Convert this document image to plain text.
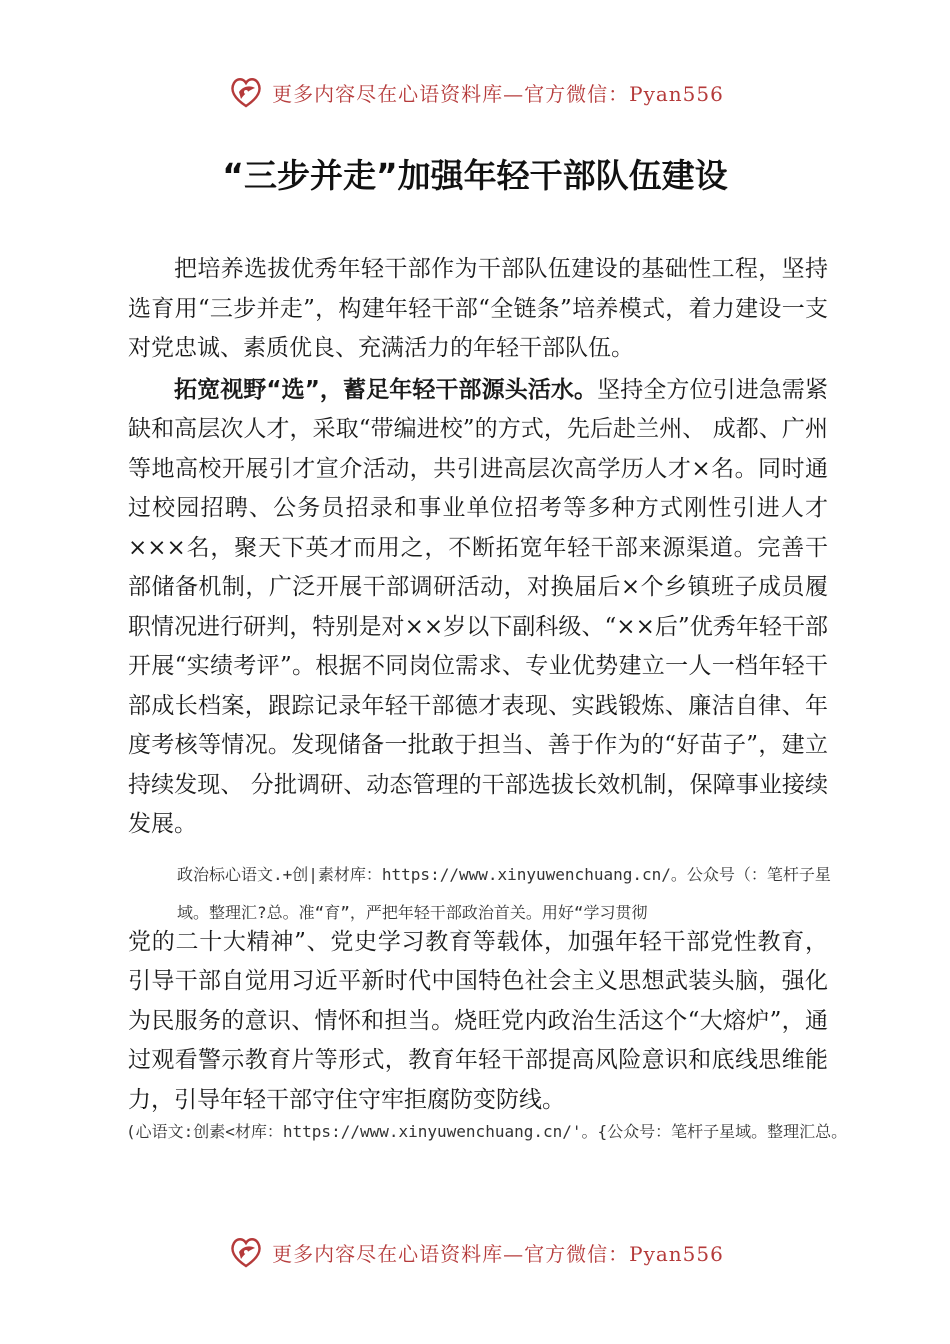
更多内容尽在心语资料库—官方微信：Pyan556
“三步并走”加强年轻干部队伍建设

把培养选拔优秀年轻干部作为干部队伍建设的基础性工程，坚持选育用“三步并走”，构建年轻干部“全链条”培养模式，着力建设一支对党忠诚、素质优良、充满活力的年轻干部队伍。

拓宽视野“选”，蓄足年轻干部源头活水。坚持全方位引进急需紧缺和高层次人才，采取“带编进校”的方式，先后赴兰州、 成都、广州等地高校开展引才宣介活动，共引进高层次高学历人才×名。同时通过校园招聘、公务员招录和事业单位招考等多种方式刚性引进人才×××名，聚天下英才而用之，不断拓宽年轻干部来源渠道。完善干部储备机制，广泛开展干部调研活动，对换届后×个乡镇班子成员履职情况进行研判，特别是对××岁以下副科级、“××后”优秀年轻干部开展“实绩考评”。根据不同岗位需求、专业优势建立一人一档年轻干部成长档案，跟踪记录年轻干部德才表现、实践锻炼、廉洁自律、年度考核等情况。发现储备一批敢于担当、善于作为的“好苗子”，建立持续发现、 分批调研、动态管理的干部选拔长效机制，保障事业接续发展。

政治标心语文.+创|素材库：https://www.xinyuwenchuang.cn/。公众号（：笔杆子星

域。整理汇?总。准“育”，严把年轻干部政治首关。用好“学习贯彻

党的二十大精神”、党史学习教育等载体，加强年轻干部党性教育，引导干部自觉用习近平新时代中国特色社会主义思想武装头脑，强化为民服务的意识、情怀和担当。烧旺党内政治生活这个“大熔炉”，通过观看警示教育片等形式，教育年轻干部提高风险意识和底线思维能力，引导年轻干部守住守牢拒腐防变防线。

(心语文:创素<材库：https://www.xinyuwenchuang.cn/'。{公众号：笔杆子星域。整理汇总。

更多内容尽在心语资料库—官方微信：Pyan556
